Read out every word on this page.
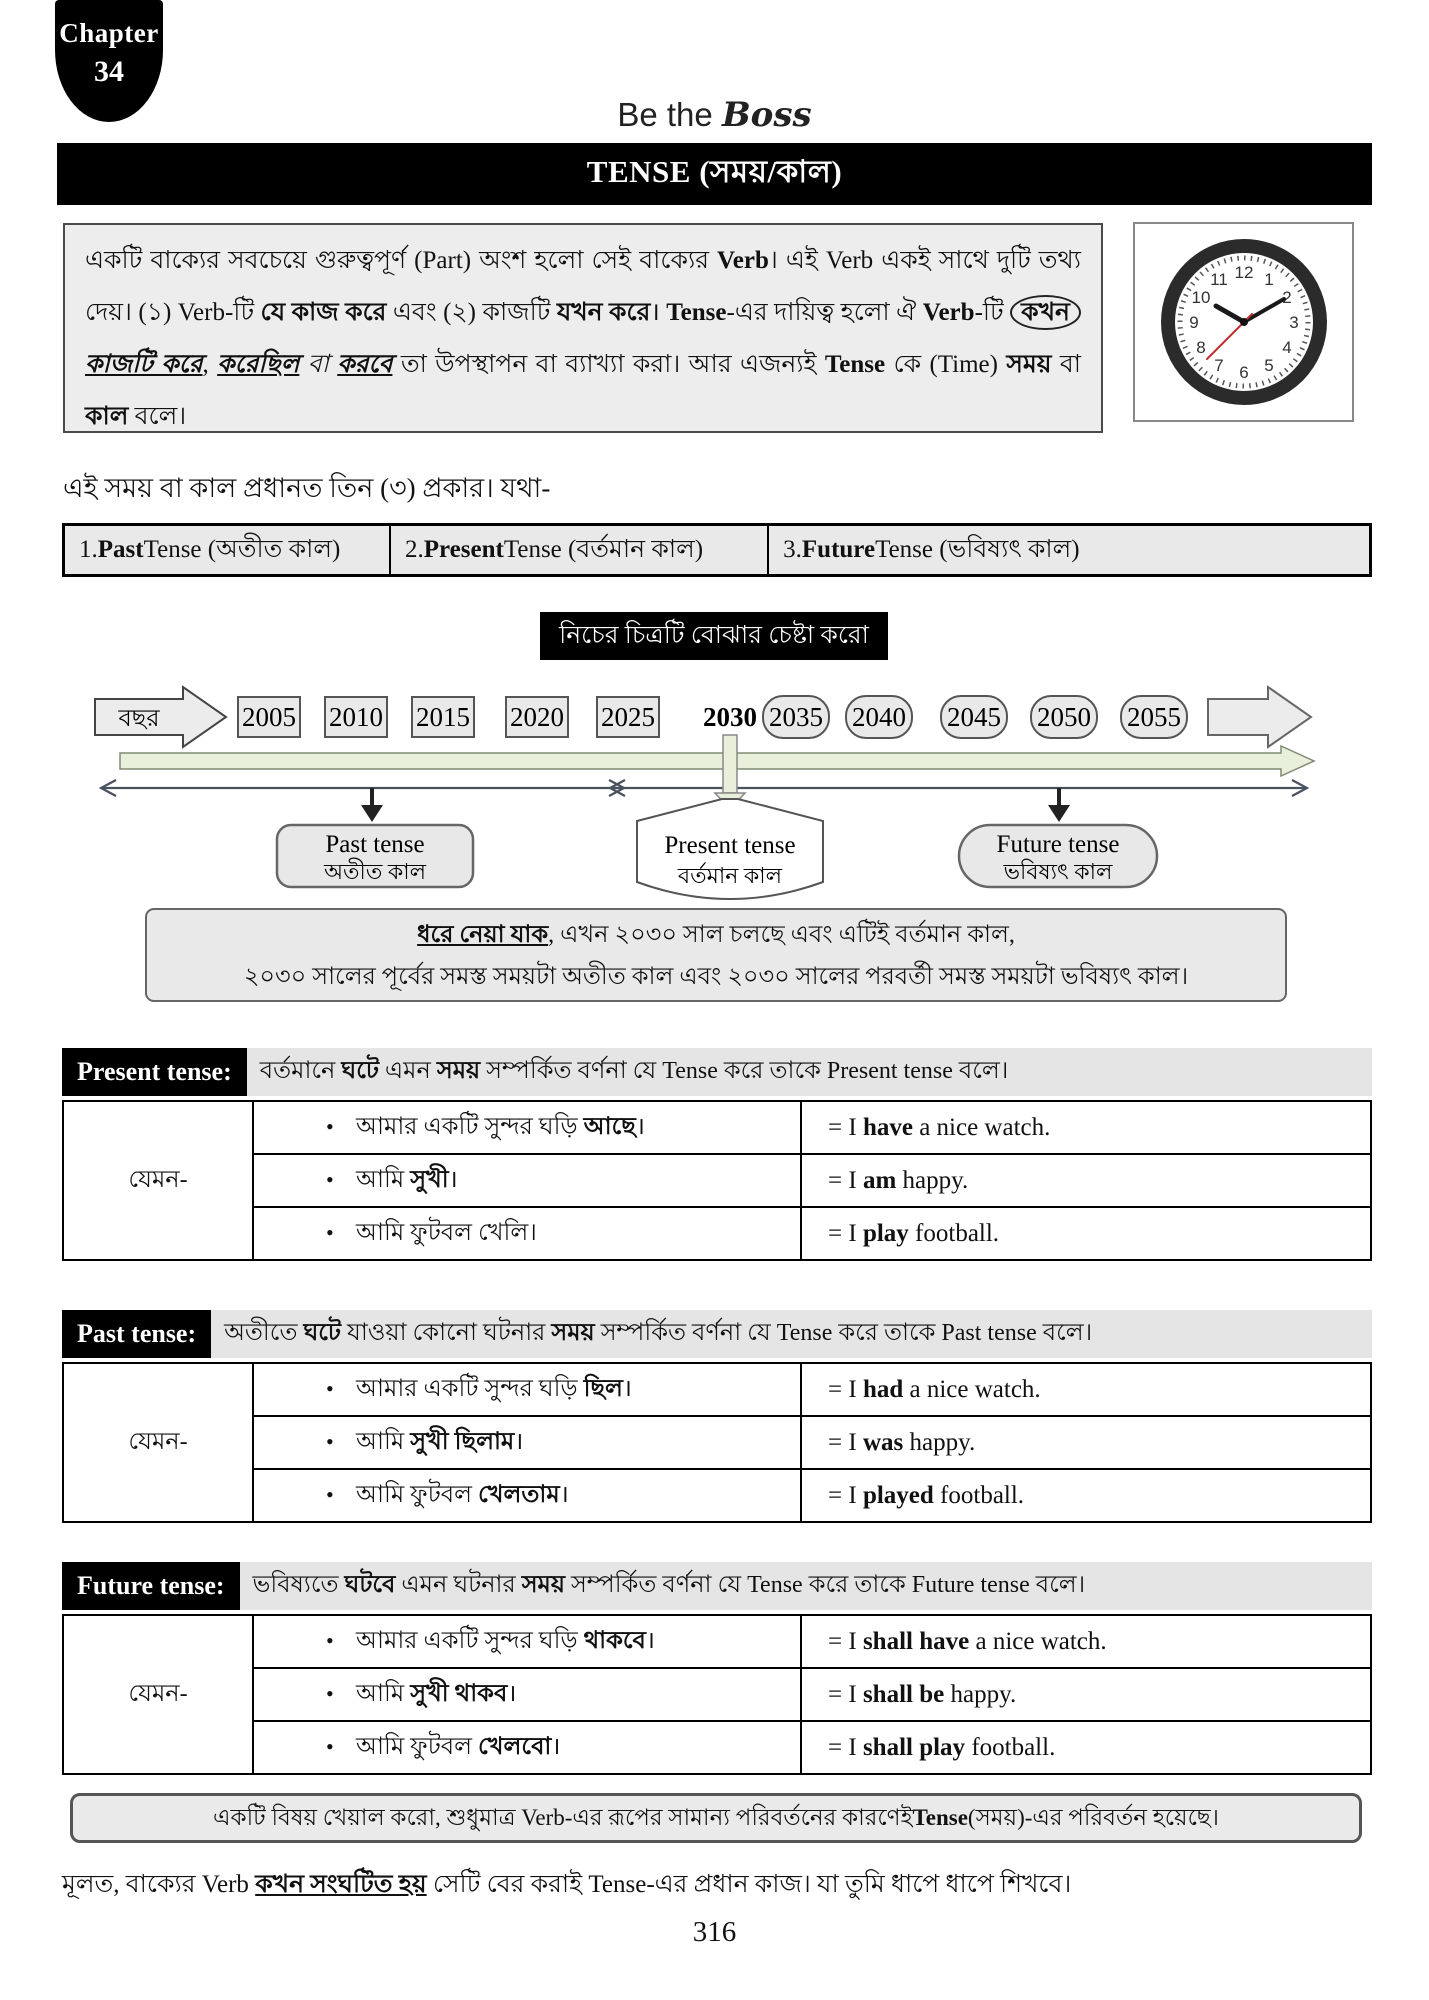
Chapter
34
Be the Boss
TENSE (সময়/কাল)

একটি বাক্যের সবচেয়ে গুরুত্বপূর্ণ (Part) অংশ হলো সেই বাক্যের Verb। এই Verb একই সাথে দুটি তথ্য দেয়। (১) Verb-টি যে কাজ করে এবং (২) কাজটি যখন করে। Tense-এর দায়িত্ব হলো ঐ Verb-টি কখন কাজটি করে, করেছিল বা করবে তা উপস্থাপন বা ব্যাখ্যা করা। আর এজন্যই Tense কে (Time) সময় বা কাল বলে।

12 1
2
3
4
5
6
7
8
9
10
11
এই সময় বা কাল প্রধানত তিন (৩) প্রকার। যথা-
1. Past Tense (অতীত কাল)	2. Present Tense (বর্তমান কাল)	3. Future Tense (ভবিষ্যৎ কাল)
নিচের চিত্রটি বোঝার চেষ্টা করো
বছর	2005 2010 2015 2020 2025 2030 2035 2040 2045 2050 2055
Past tense
অতীত কাল
Present tense
বর্তমান কাল
Future tense
ভবিষ্যৎ কাল
ধরে নেয়া যাক, এখন ২০৩০ সাল চলছে এবং এটিই বর্তমান কাল,
২০৩০ সালের পূর্বের সমস্ত সময়টা অতীত কাল এবং ২০৩০ সালের পরবর্তী সমস্ত সময়টা ভবিষ্যৎ কাল।
Present tense:	বর্তমানে ঘটে এমন সময় সম্পর্কিত বর্ণনা যে Tense করে তাকে Present tense বলে।
যেমন-	• আমার একটি সুন্দর ঘড়ি আছে।	= I have a nice watch.
	• আমি সুখী।	= I am happy.
	• আমি ফুটবল খেলি।	= I play football.
Past tense:	অতীতে ঘটে যাওয়া কোনো ঘটনার সময় সম্পর্কিত বর্ণনা যে Tense করে তাকে Past tense বলে।
যেমন-	• আমার একটি সুন্দর ঘড়ি ছিল।	= I had a nice watch.
	• আমি সুখী ছিলাম।	= I was happy.
	• আমি ফুটবল খেলতাম।	= I played football.
Future tense:	ভবিষ্যতে ঘটবে এমন ঘটনার সময় সম্পর্কিত বর্ণনা যে Tense করে তাকে Future tense বলে।
যেমন-	• আমার একটি সুন্দর ঘড়ি থাকবে।	= I shall have a nice watch.
	• আমি সুখী থাকব।	= I shall be happy.
	• আমি ফুটবল খেলবো।	= I shall play football.
একটি বিষয় খেয়াল করো, শুধুমাত্র Verb-এর রূপের সামান্য পরিবর্তনের কারণেই Tense (সময়)-এর পরিবর্তন হয়েছে।
মূলত, বাক্যের Verb কখন সংঘটিত হয় সেটি বের করাই Tense-এর প্রধান কাজ। যা তুমি ধাপে ধাপে শিখবে।
316
